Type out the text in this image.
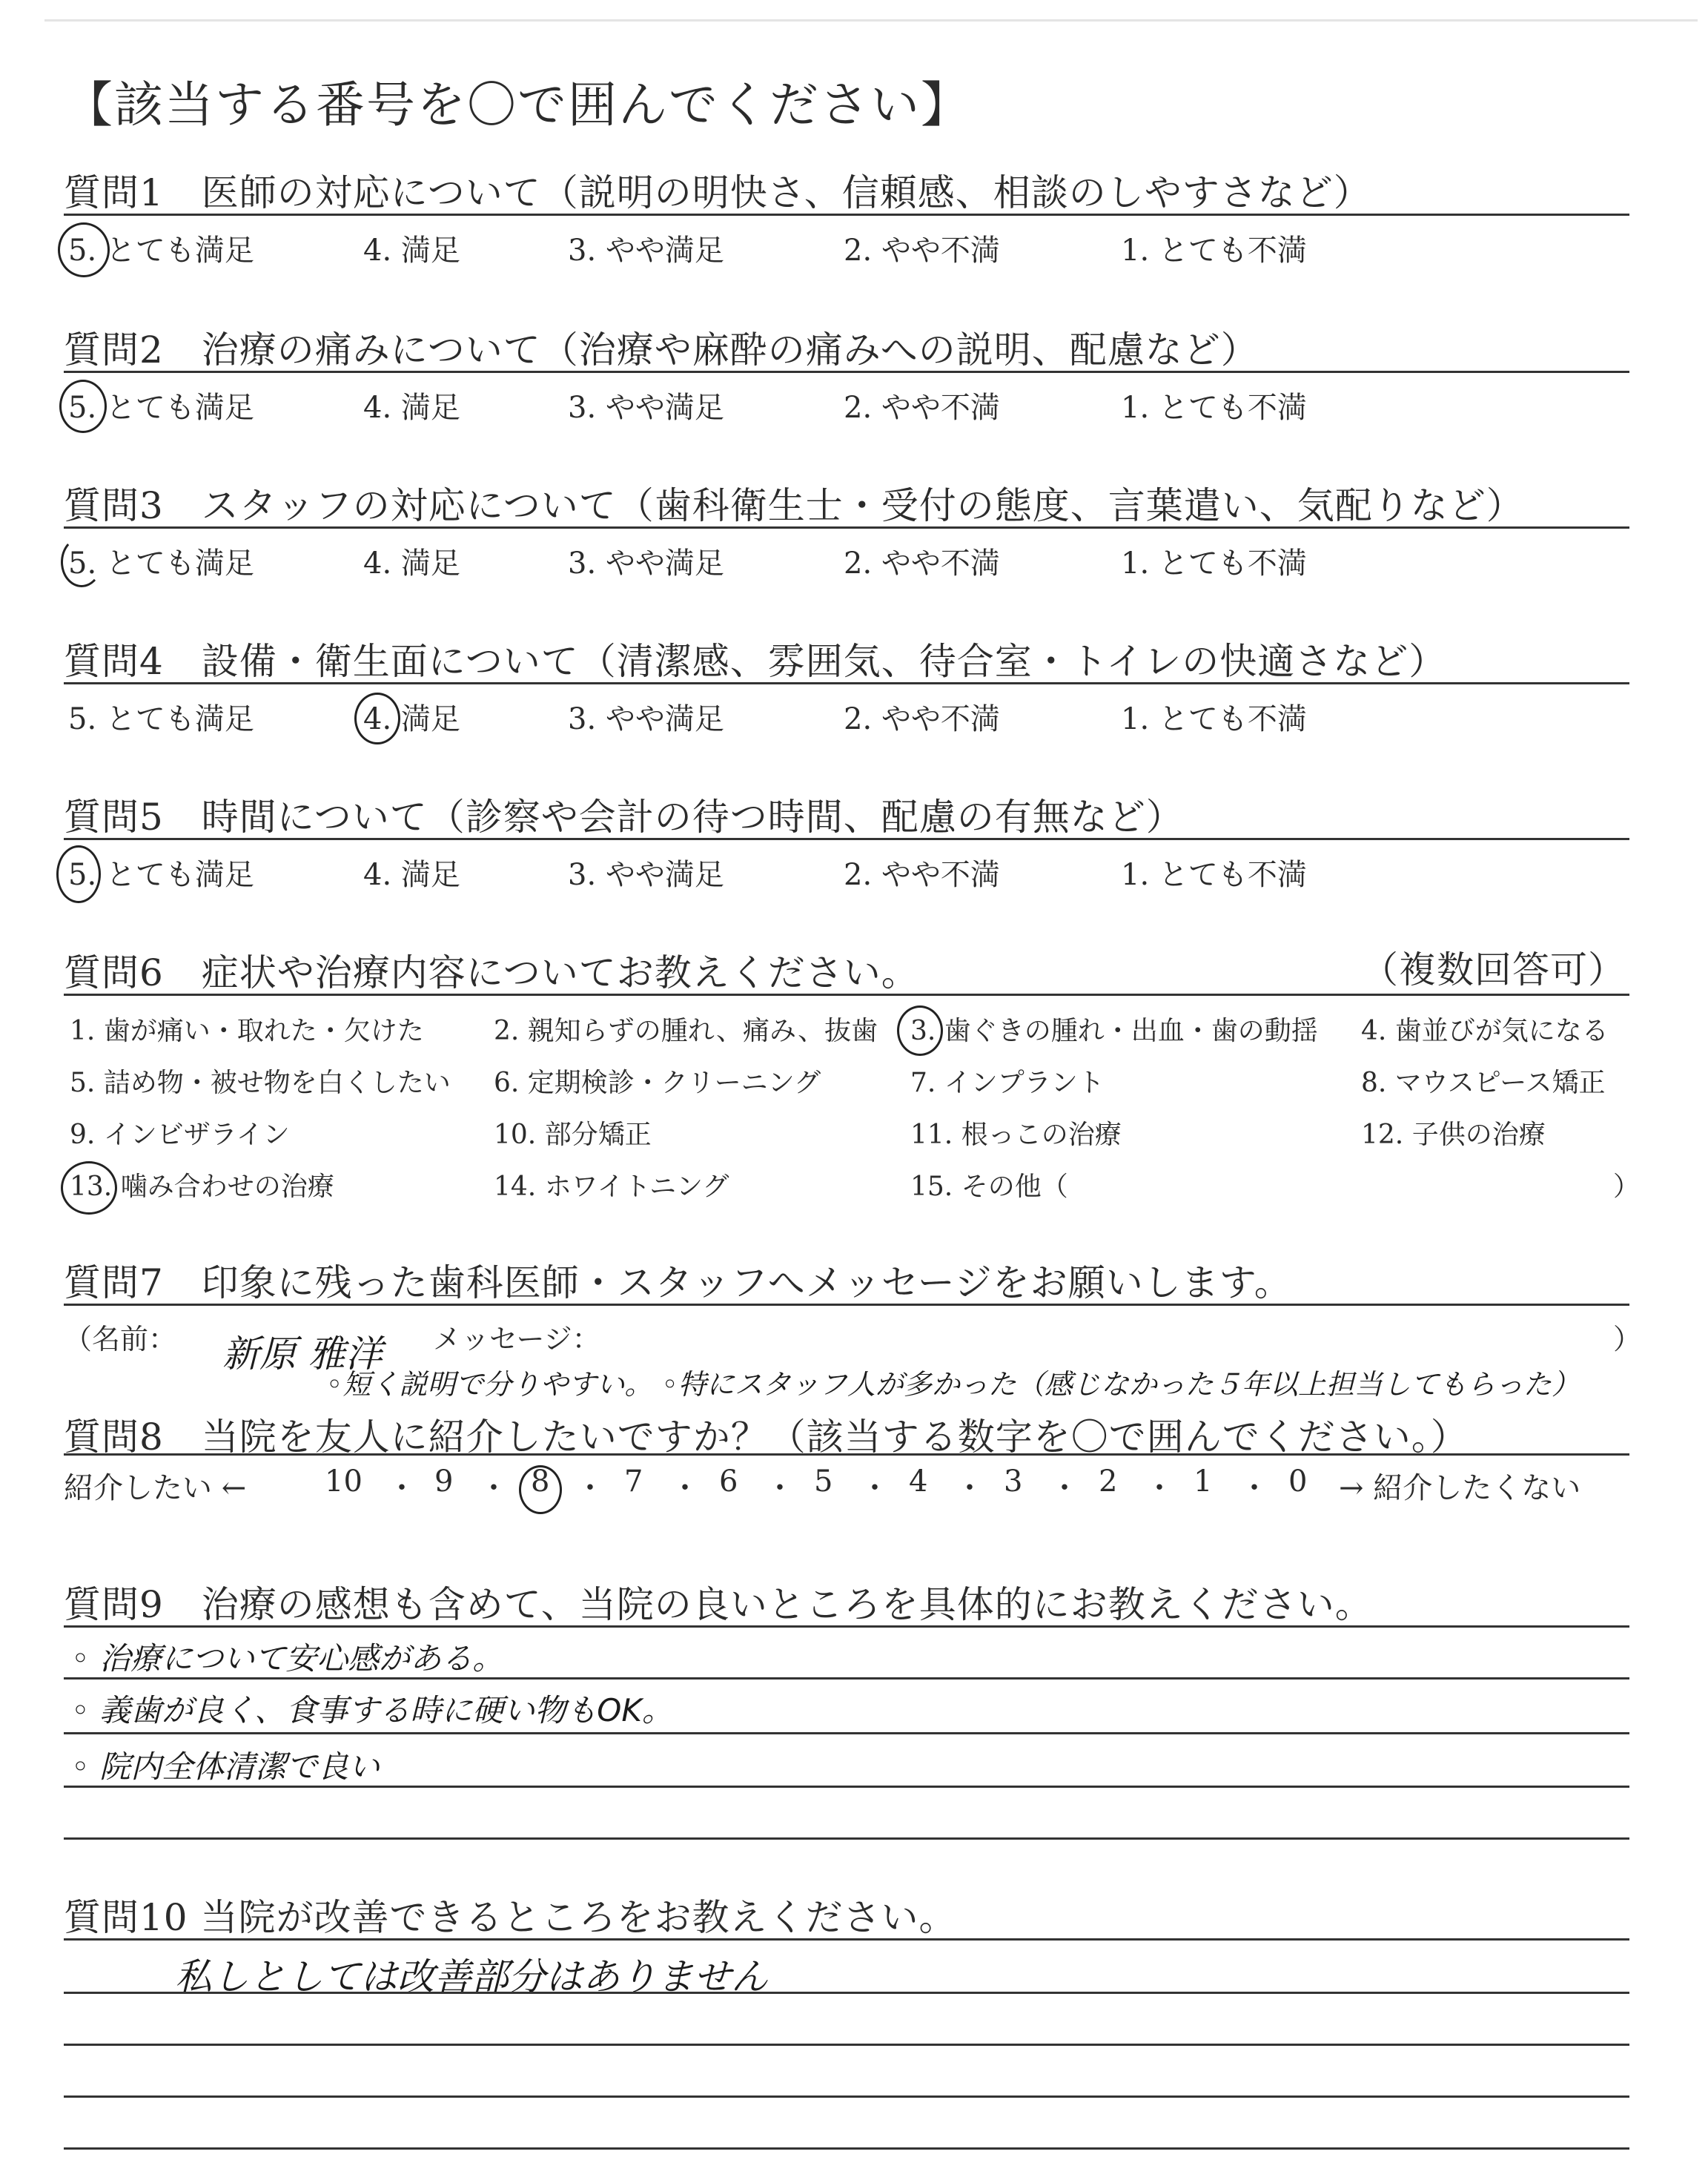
【該当する番号を〇で囲んでください】
質問1　医師の対応について（説明の明快さ、信頼感、相談のしやすさなど）
5. とても満足	4. 満足	3. やや満足	2. やや不満	1. とても不満
質問2　治療の痛みについて（治療や麻酔の痛みへの説明、配慮など）
5. とても満足	4. 満足	3. やや満足	2. やや不満	1. とても不満
質問3　スタッフの対応について（歯科衛生士・受付の態度、言葉遣い、気配りなど）
5. とても満足	4. 満足	3. やや満足	2. やや不満	1. とても不満
質問4　設備・衛生面について（清潔感、雰囲気、待合室・トイレの快適さなど）
5. とても満足	4. 満足	3. やや満足	2. やや不満	1. とても不満
質問5　時間について（診察や会計の待つ時間、配慮の有無など）
5. とても満足	4. 満足	3. やや満足	2. やや不満	1. とても不満
質問6　症状や治療内容についてお教えください。	（複数回答可）
1. 歯が痛い・取れた・欠けた	2. 親知らずの腫れ、痛み、抜歯 3. 歯ぐきの腫れ・出血・歯の動揺 4. 歯並びが気になる
5. 詰め物・被せ物を白くしたい 6. 定期検診・クリーニング	7. インプラント	8. マウスピース矯正
9. インビザライン	10. 部分矯正	11. 根っこの治療	12. 子供の治療
13. 噛み合わせの治療	14. ホワイトニング	15. その他（	）
質問7　印象に残った歯科医師・スタッフへメッセージをお願いします。
（名前：	メッセージ：	）
新原 雅洋
◦短く説明で分りやすい。 ◦特にスタッフ人が多かった（感じなかった５年以上担当してもらった）
質問8　当院を友人に紹介したいですか？（該当する数字を〇で囲んでください。）
紹介したい ←	10 ・ 9 ・ 8 ・ 7 ・ 6 ・ 5 ・ 4 ・ 3 ・ 2 ・ 1 ・ 0 → 紹介したくない
質問9　治療の感想も含めて、当院の良いところを具体的にお教えください。
◦ 治療について安心感がある。
◦ 義歯が良く、食事する時に硬い物もOK。
◦ 院内全体清潔で良い
質問10 当院が改善できるところをお教えください。
私しとしては改善部分はありません
